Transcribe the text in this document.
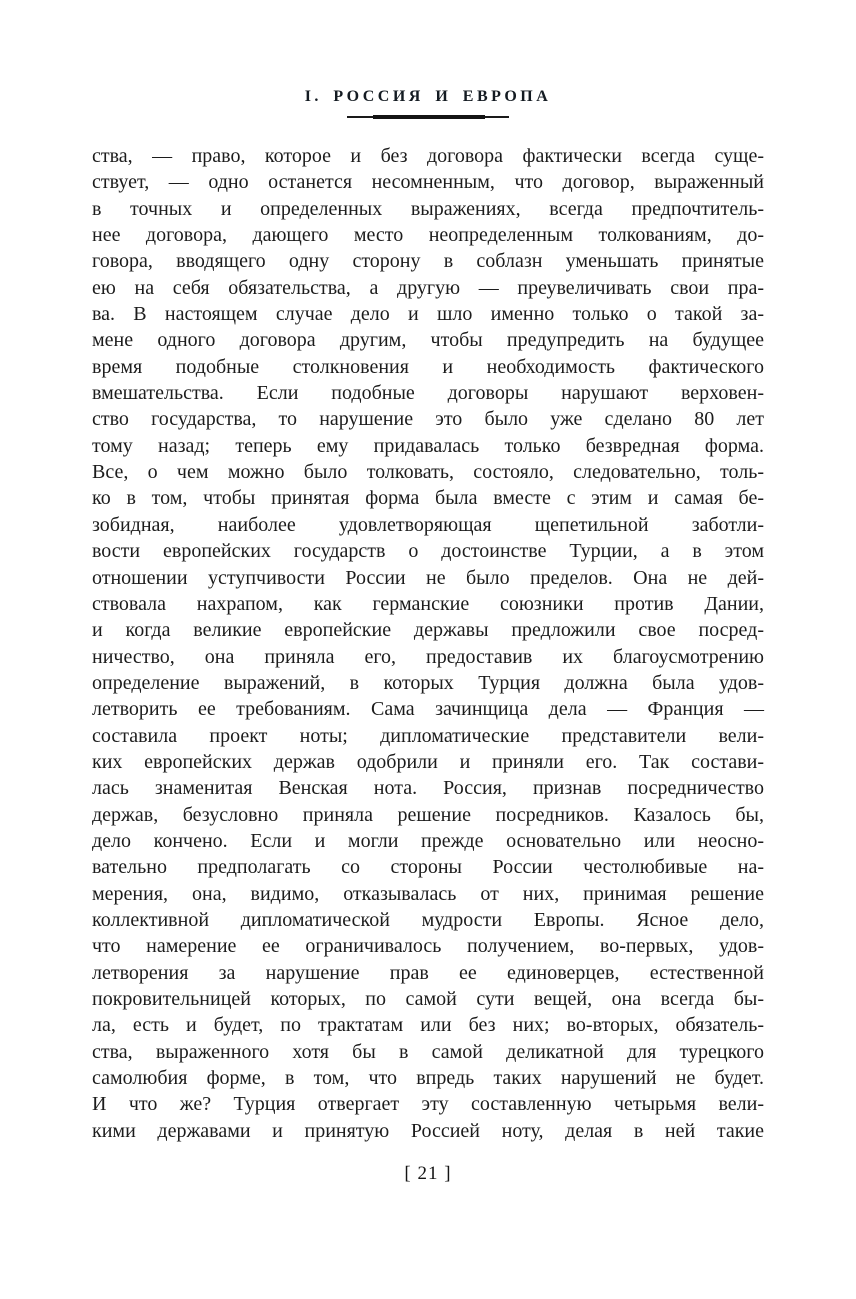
I. РОССИЯ И ЕВРОПА
ства, — право, которое и без договора фактически всегда суще-
ствует, — одно останется несомненным, что договор, выраженный
в точных и определенных выражениях, всегда предпочтитель-
нее договора, дающего место неопределенным толкованиям, до-
говора, вводящего одну сторону в соблазн уменьшать принятые
ею на себя обязательства, а другую — преувеличивать свои пра-
ва. В настоящем случае дело и шло именно только о такой за-
мене одного договора другим, чтобы предупредить на будущее
время подобные столкновения и необходимость фактического
вмешательства. Если подобные договоры нарушают верховен-
ство государства, то нарушение это было уже сделано 80 лет
тому назад; теперь ему придавалась только безвредная форма.
Все, о чем можно было толковать, состояло, следовательно, толь-
ко в том, чтобы принятая форма была вместе с этим и самая бе-
зобидная, наиболее удовлетворяющая щепетильной заботли-
вости европейских государств о достоинстве Турции, а в этом
отношении уступчивости России не было пределов. Она не дей-
ствовала нахрапом, как германские союзники против Дании,
и когда великие европейские державы предложили свое посред-
ничество, она приняла его, предоставив их благоусмотрению
определение выражений, в которых Турция должна была удов-
летворить ее требованиям. Сама зачинщица дела — Франция —
составила проект ноты; дипломатические представители вели-
ких европейских держав одобрили и приняли его. Так состави-
лась знаменитая Венская нота. Россия, признав посредничество
держав, безусловно приняла решение посредников. Казалось бы,
дело кончено. Если и могли прежде основательно или неосно-
вательно предполагать со стороны России честолюбивые на-
мерения, она, видимо, отказывалась от них, принимая решение
коллективной дипломатической мудрости Европы. Ясное дело,
что намерение ее ограничивалось получением, во-первых, удов-
летворения за нарушение прав ее единоверцев, естественной
покровительницей которых, по самой сути вещей, она всегда бы-
ла, есть и будет, по трактатам или без них; во-вторых, обязатель-
ства, выраженного хотя бы в самой деликатной для турецкого
самолюбия форме, в том, что впредь таких нарушений не будет.
И что же? Турция отвергает эту составленную четырьмя вели-
кими державами и принятую Россией ноту, делая в ней такие
[ 21 ]
